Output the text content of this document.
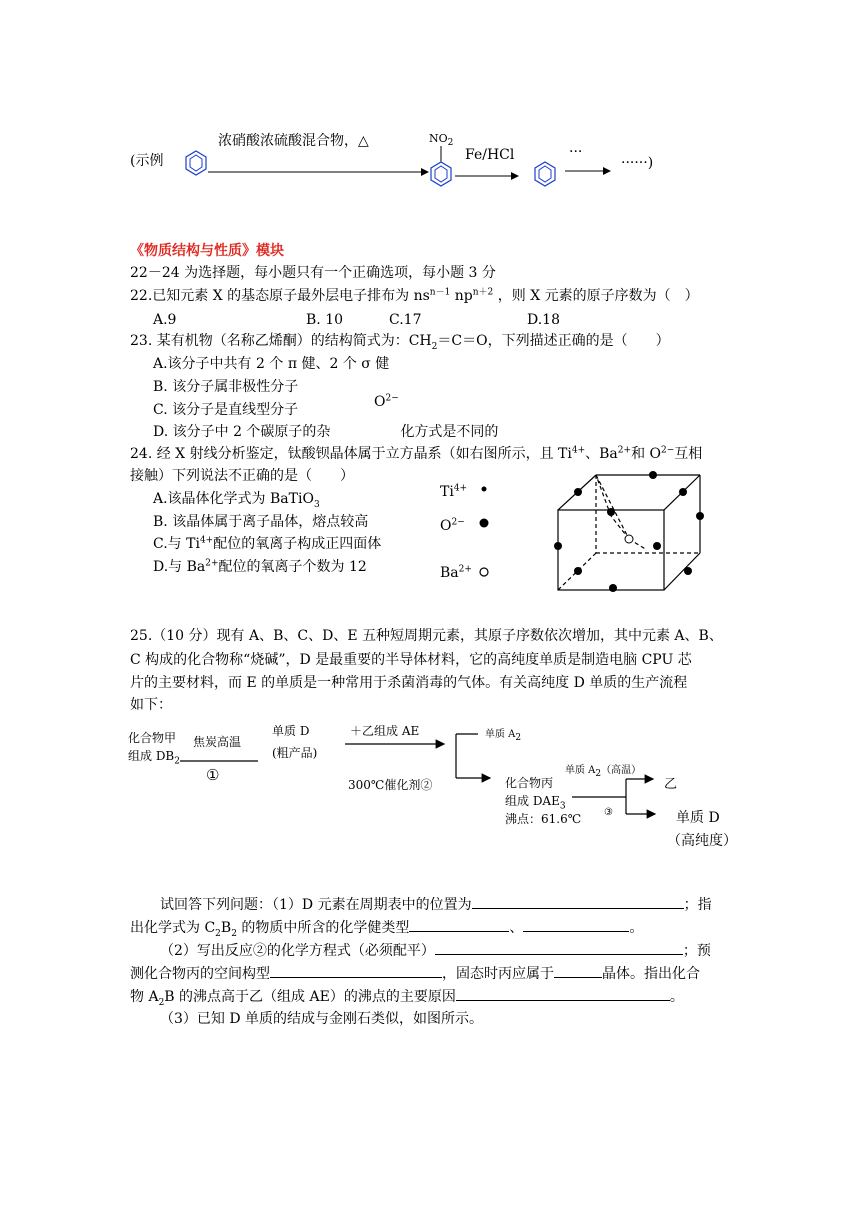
(示例
浓硝酸浓硫酸混合物，△	$NO_2$
Fe/HCl	···
······)
《物质结构与性质》模块
22－24 为选择题，每小题只有一个正确选项，每小题 3 分
22.已知元素 X 的基态原子最外层电子排布为 $ns^{n-1}$ $np^{n+2}$ ，则 X 元素的原子序数为（　）
A.9	B. 10	C.17	D.18
23. 某有机物（名称乙烯酮）的结构简式为：$CH_2=C=O$，下列描述正确的是（　　）
A.该分子中共有 2 个 π 健、2 个 σ 健
B. 该分子属非极性分子
$O^{2-}$
C. 该分子是直线型分子
D. 该分子中 2 个碳原子的杂	化方式是不同的
24. 经 X 射线分析鉴定，钛酸钡晶体属于立方晶系（如右图所示，且 $Ti^{4+}$、$Ba^{2+}$和 $O^{2-}$互相
接触）下列说法不正确的是（　　）
A.该晶体化学式为 BaTiO$_3$
B. 该晶体属于离子晶体，熔点较高
C.与 $Ti^{4+}$配位的氧离子构成正四面体
D.与 $Ba^{2+}$配位的氧离子个数为 12
$Ti^{4+}$
$O^{2-}$
$Ba^{2+}$
25.（10 分）现有 A、B、C、D、E 五种短周期元素，其原子序数依次增加，其中元素 A、B、
C 构成的化合物称“烧碱”，D 是最重要的半导体材料，它的高纯度单质是制造电脑 CPU 芯
片的主要材料，而 E 的单质是一种常用于杀菌消毒的气体。有关高纯度 D 单质的生产流程
如下：
化合物甲
组成 $DB_2$
焦炭高温
①
单质 D
(粗产品)
＋乙组成 AE
300℃催化剂②
单质 $A_2$
化合物丙
组成 $DAE_3$
沸点：61.6℃
单质 $A_2$（高温）
③
乙
单质 D
（高纯度）
试回答下列问题：（1）D 元素在周期表中的位置为	；指
出化学式为 $C_2B_2$ 的物质中所含的化学健类型	、	。
（2）写出反应②的化学方程式（必须配平）	；预
测化合物丙的空间构型	，固态时丙应属于	晶体。指出化合
物 $A_2B$ 的沸点高于乙（组成 AE）的沸点的主要原因	。
（3）已知 D 单质的结成与金刚石类似，如图所示。
